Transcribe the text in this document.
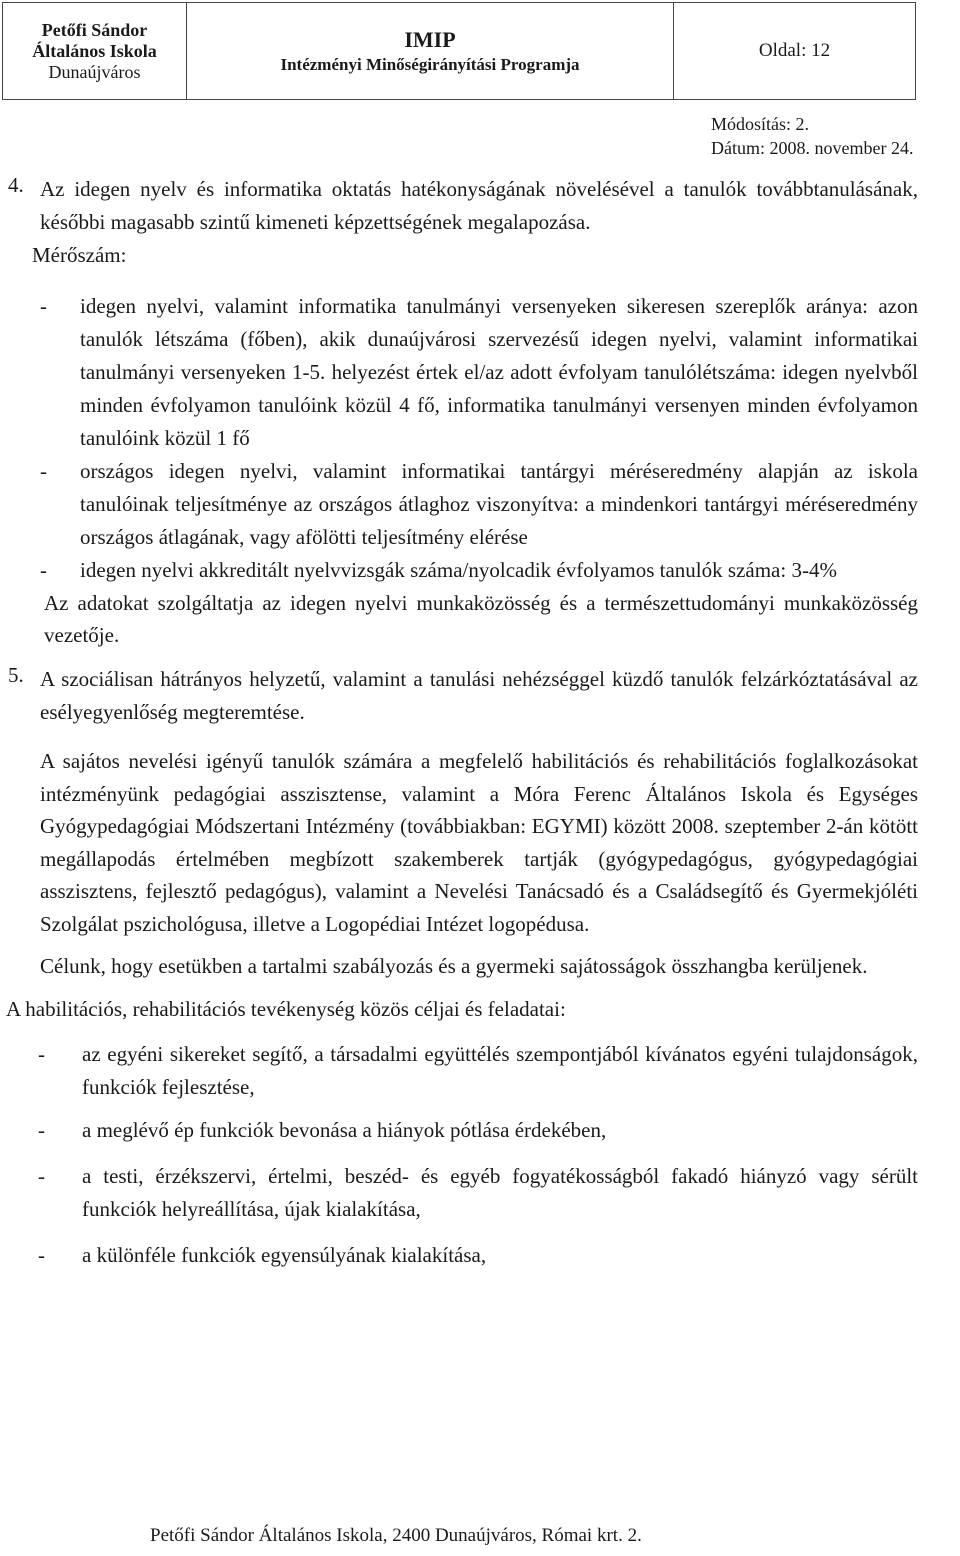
Petőfi Sándor
Általános Iskola
Dunaújváros
IMIP
Intézményi Minőségirányítási Programja
Oldal: 12
Módosítás: 2.
Dátum: 2008. november 24.
4. Az idegen nyelv és informatika oktatás hatékonyságának növelésével a tanulók továbbtanulásának, későbbi magasabb szintű kimeneti képzettségének megalapozása.

Mérőszám:

- idegen nyelvi, valamint informatika tanulmányi versenyeken sikeresen szereplők aránya: azon tanulók létszáma (főben), akik dunaújvárosi szervezésű idegen nyelvi, valamint informatikai tanulmányi versenyeken 1-5. helyezést értek el/az adott évfolyam tanulólétszáma: idegen nyelvből minden évfolyamon tanulóink közül 4 fő, informatika tanulmányi versenyen minden évfolyamon tanulóink közül 1 fő

- országos idegen nyelvi, valamint informatikai tantárgyi méréseredmény alapján az iskola tanulóinak teljesítménye az országos átlaghoz viszonyítva: a mindenkori tantárgyi méréseredmény országos átlagának, vagy afölötti teljesítmény elérése

- idegen nyelvi akkreditált nyelvvizsgák száma/nyolcadik évfolyamos tanulók száma: 3-4%

Az adatokat szolgáltatja az idegen nyelvi munkaközösség és a természettudományi munkaközösség vezetője.

5. A szociálisan hátrányos helyzetű, valamint a tanulási nehézséggel küzdő tanulók felzárkóztatásával az esélyegyenlőség megteremtése.

A sajátos nevelési igényű tanulók számára a megfelelő habilitációs és rehabilitációs foglalkozásokat intézményünk pedagógiai asszisztense, valamint a Móra Ferenc Általános Iskola és Egységes Gyógypedagógiai Módszertani Intézmény (továbbiakban: EGYMI) között 2008. szeptember 2-án kötött megállapodás értelmében megbízott szakemberek tartják (gyógypedagógus, gyógypedagógiai asszisztens, fejlesztő pedagógus), valamint a Nevelési Tanácsadó és a Családsegítő és Gyermekjóléti Szolgálat pszichológusa, illetve a Logopédiai Intézet logopédusa.

Célunk, hogy esetükben a tartalmi szabályozás és a gyermeki sajátosságok összhangba kerüljenek.

A habilitációs, rehabilitációs tevékenység közös céljai és feladatai:

- az egyéni sikereket segítő, a társadalmi együttélés szempontjából kívánatos egyéni tulajdonságok, funkciók fejlesztése,

- a meglévő ép funkciók bevonása a hiányok pótlása érdekében,

- a testi, érzékszervi, értelmi, beszéd- és egyéb fogyatékosságból fakadó hiányzó vagy sérült funkciók helyreállítása, újak kialakítása,

- a különféle funkciók egyensúlyának kialakítása,

Petőfi Sándor Általános Iskola, 2400 Dunaújváros, Római krt. 2.
